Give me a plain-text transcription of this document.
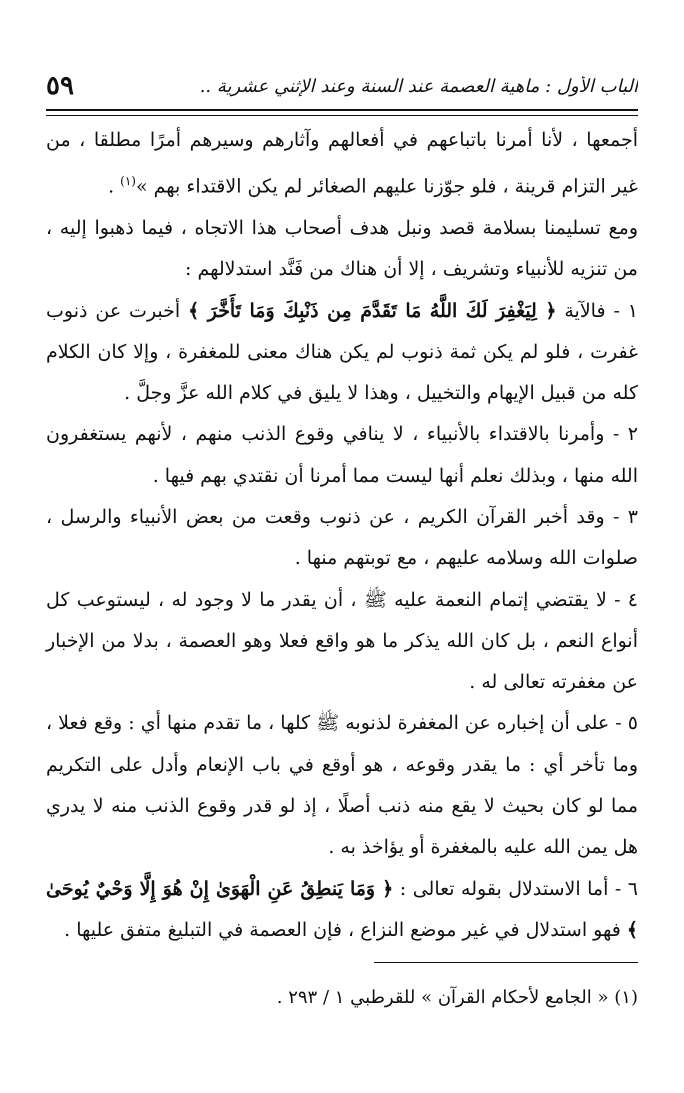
٥٩	الباب الأول : ماهية العصمة عند السنة وعند الإثني عشرية ..

أجمعها ، لأنا أمرنا باتباعهم في أفعالهم وآثارهم وسيرهم أمرًا مطلقا ، من غير التزام قرينة ، فلو جوّزنا عليهم الصغائر لم يكن الاقتداء بهم »$^{(١)}$ .

ومع تسليمنا بسلامة قصد ونبل هدف أصحاب هذا الاتجاه ، فيما ذهبوا إليه ، من تنزيه للأنبياء وتشريف ، إلا أن هناك من فَنَّد استدلالهم :

١ - فالآية ﴿ لِيَغْفِرَ لَكَ اللَّهُ مَا تَقَدَّمَ مِن ذَنْبِكَ وَمَا تَأَخَّرَ ﴾ أخبرت عن ذنوب غفرت ، فلو لم يكن ثمة ذنوب لم يكن هناك معنى للمغفرة ، وإلا كان الكلام كله من قبيل الإيهام والتخييل ، وهذا لا يليق في كلام الله عزَّ وجلَّ .

٢ - وأمرنا بالاقتداء بالأنبياء ، لا ينافي وقوع الذنب منهم ، لأنهم يستغفرون الله منها ، وبذلك نعلم أنها ليست مما أمرنا أن نقتدي بهم فيها .

٣ - وقد أخبر القرآن الكريم ، عن ذنوب وقعت من بعض الأنبياء والرسل ، صلوات الله وسلامه عليهم ، مع توبتهم منها .

٤ - لا يقتضي إتمام النعمة عليه ﷺ ، أن يقدر ما لا وجود له ، ليستوعب كل أنواع النعم ، بل كان الله يذكر ما هو واقع فعلا وهو العصمة ، بدلا من الإخبار عن مغفرته تعالى له .

٥ - على أن إخباره عن المغفرة لذنوبه ﷺ كلها ، ما تقدم منها أي : وقع فعلا ، وما تأخر أي : ما يقدر وقوعه ، هو أوقع في باب الإنعام وأدل على التكريم مما لو كان بحيث لا يقع منه ذنب أصلًا ، إذ لو قدر وقوع الذنب منه لا يدري هل يمن الله عليه بالمغفرة أو يؤاخذ به .

٦ - أما الاستدلال بقوله تعالى : ﴿ وَمَا يَنطِقُ عَنِ الْهَوَىٰ إِنْ هُوَ إِلَّا وَحْيٌ يُوحَىٰ ﴾ فهو استدلال في غير موضع النزاع ، فإن العصمة في التبليغ متفق عليها .

(١) « الجامع لأحكام القرآن » للقرطبي ١ / ٢٩٣ .
